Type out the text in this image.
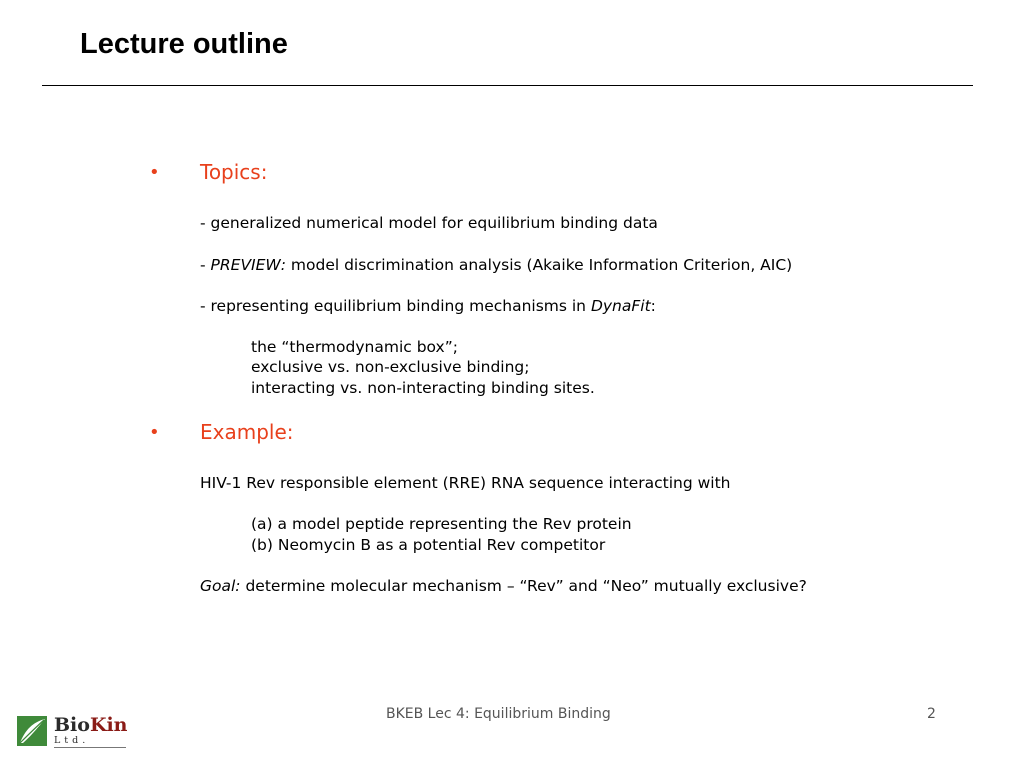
Lecture outline
• Topics:
- generalized numerical model for equilibrium binding data
- PREVIEW: model discrimination analysis (Akaike Information Criterion, AIC)
- representing equilibrium binding mechanisms in DynaFit:
the “thermodynamic box”;
exclusive vs. non-exclusive binding;
interacting vs. non-interacting binding sites.
• Example:
HIV-1 Rev responsible element (RRE) RNA sequence interacting with
(a) a model peptide representing the Rev protein
(b) Neomycin B as a potential Rev competitor
Goal: determine molecular mechanism – “Rev” and “Neo” mutually exclusive?
BKEB Lec 4: Equilibrium Binding	2
BioKin
Ltd.
